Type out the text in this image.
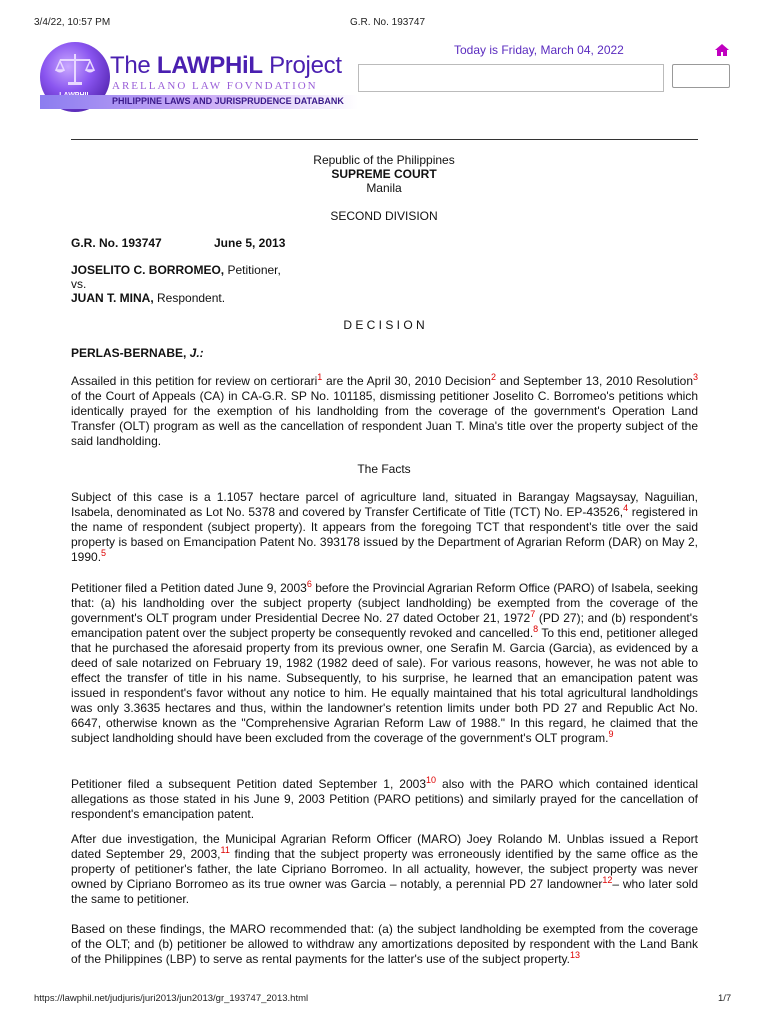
3/4/22, 10:57 PM	G.R. No. 193747
The LAWPHiL Project
ARELLANO LAW FOVNDATION
PHILIPPINE LAWS AND JURISPRUDENCE DATABANK
Today is Friday, March 04, 2022
Republic of the Philippines
SUPREME COURT
Manila
SECOND DIVISION
G.R. No. 193747	June 5, 2013
JOSELITO C. BORROMEO, Petitioner,
vs.
JUAN T. MINA, Respondent.
D E C I S I O N
PERLAS-BERNABE, J.:
Assailed in this petition for review on certiorari$^1$ are the April 30, 2010 Decision$^2$ and September 13, 2010 Resolution$^3$ of the Court of Appeals (CA) in CA-G.R. SP No. 101185, dismissing petitioner Joselito C. Borromeo's petitions which identically prayed for the exemption of his landholding from the coverage of the government's Operation Land Transfer (OLT) program as well as the cancellation of respondent Juan T. Mina's title over the property subject of the said landholding.
The Facts
Subject of this case is a 1.1057 hectare parcel of agriculture land, situated in Barangay Magsaysay, Naguilian, Isabela, denominated as Lot No. 5378 and covered by Transfer Certificate of Title (TCT) No. EP-43526,$^4$ registered in the name of respondent (subject property). It appears from the foregoing TCT that respondent's title over the said property is based on Emancipation Patent No. 393178 issued by the Department of Agrarian Reform (DAR) on May 2, 1990.$^5$
Petitioner filed a Petition dated June 9, 2003$^6$ before the Provincial Agrarian Reform Office (PARO) of Isabela, seeking that: (a) his landholding over the subject property (subject landholding) be exempted from the coverage of the government's OLT program under Presidential Decree No. 27 dated October 21, 1972$^7$ (PD 27); and (b) respondent's emancipation patent over the subject property be consequently revoked and cancelled.$^8$ To this end, petitioner alleged that he purchased the aforesaid property from its previous owner, one Serafin M. Garcia (Garcia), as evidenced by a deed of sale notarized on February 19, 1982 (1982 deed of sale). For various reasons, however, he was not able to effect the transfer of title in his name. Subsequently, to his surprise, he learned that an emancipation patent was issued in respondent's favor without any notice to him. He equally maintained that his total agricultural landholdings was only 3.3635 hectares and thus, within the landowner's retention limits under both PD 27 and Republic Act No. 6647, otherwise known as the "Comprehensive Agrarian Reform Law of 1988." In this regard, he claimed that the subject landholding should have been excluded from the coverage of the government's OLT program.$^9$
Petitioner filed a subsequent Petition dated September 1, 2003$^{10}$ also with the PARO which contained identical allegations as those stated in his June 9, 2003 Petition (PARO petitions) and similarly prayed for the cancellation of respondent's emancipation patent.
After due investigation, the Municipal Agrarian Reform Officer (MARO) Joey Rolando M. Unblas issued a Report dated September 29, 2003,11 finding that the subject property was erroneously identified by the same office as the property of petitioner's father, the late Cipriano Borromeo. In all actuality, however, the subject property was never owned by Cipriano Borromeo as its true owner was Garcia – notably, a perennial PD 27 landowner$^{12}$– who later sold the same to petitioner.
Based on these findings, the MARO recommended that: (a) the subject landholding be exempted from the coverage of the OLT; and (b) petitioner be allowed to withdraw any amortizations deposited by respondent with the Land Bank of the Philippines (LBP) to serve as rental payments for the latter's use of the subject property.$^{13}$
https://lawphil.net/judjuris/juri2013/jun2013/gr_193747_2013.html	1/7
